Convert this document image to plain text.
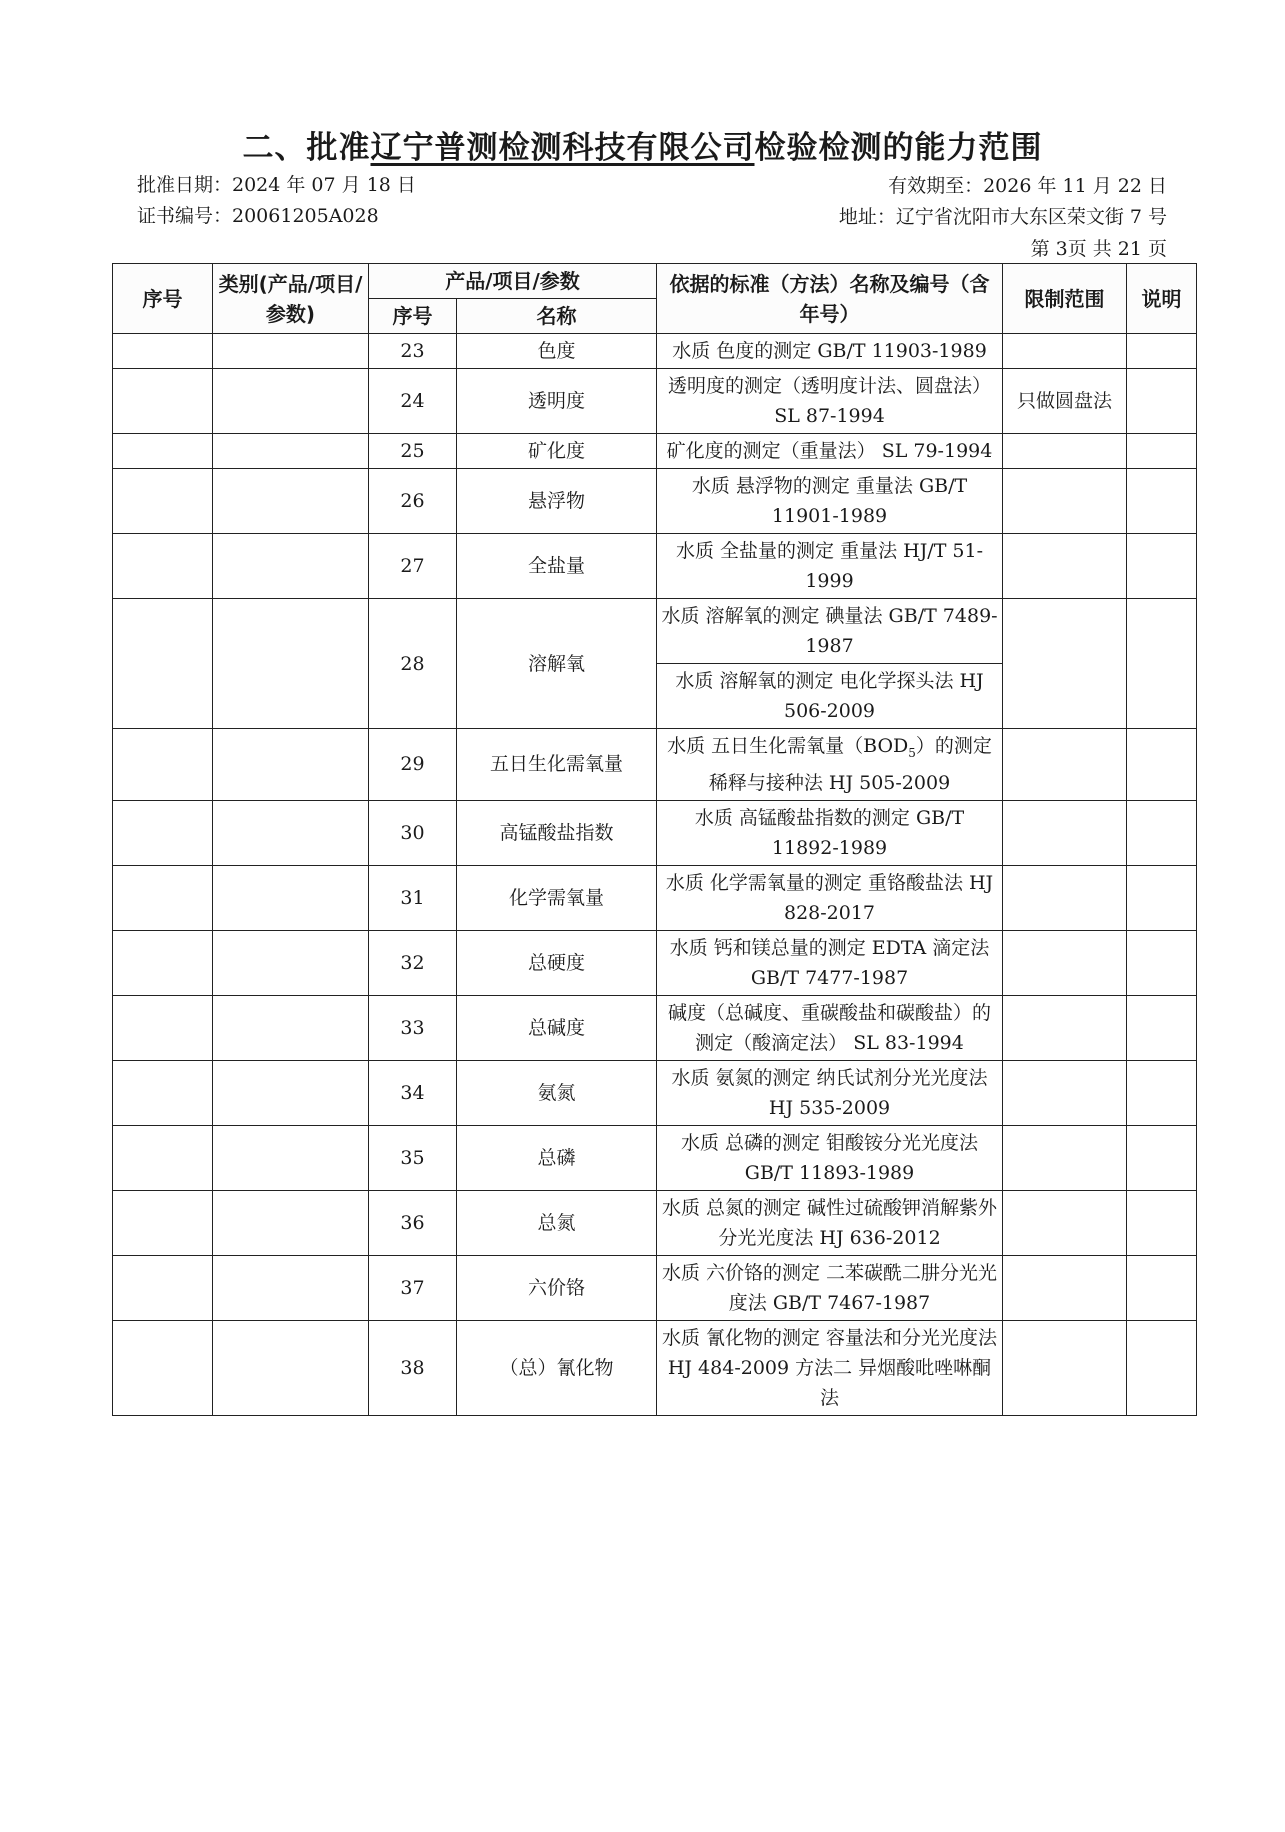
二、批准辽宁普测检测科技有限公司检验检测的能力范围
批准日期：2024 年 07 月 18 日	有效期至：2026 年 11 月 22 日
证书编号：20061205A028	地址：辽宁省沈阳市大东区荣文街 7 号
第 3页 共 21 页
序号	类别(产品/项目/参数)	产品/项目/参数		依据的标准（方法）名称及编号（含年号）	限制范围	说明
		序号	名称			
		23	色度	水质 色度的测定 GB/T 11903-1989		
		24	透明度	透明度的测定（透明度计法、圆盘法） SL 87-1994	只做圆盘法	
		25	矿化度	矿化度的测定（重量法） SL 79-1994		
		26	悬浮物	水质 悬浮物的测定 重量法 GB/T 11901-1989		
		27	全盐量	水质 全盐量的测定 重量法 HJ/T 51-1999		
		28	溶解氧	水质 溶解氧的测定 碘量法 GB/T 7489-1987		
				水质 溶解氧的测定 电化学探头法 HJ 506-2009		
		29	五日生化需氧量	水质 五日生化需氧量$(BOD_5)$的测定 稀释与接种法 HJ 505-2009		
		30	高锰酸盐指数	水质 高锰酸盐指数的测定 GB/T 11892-1989		
		31	化学需氧量	水质 化学需氧量的测定 重铬酸盐法 HJ 828-2017		
		32	总硬度	水质 钙和镁总量的测定 EDTA 滴定法 GB/T 7477-1987		
		33	总碱度	碱度（总碱度、重碳酸盐和碳酸盐）的测定（酸滴定法） SL 83-1994		
		34	氨氮	水质 氨氮的测定 纳氏试剂分光光度法 HJ 535-2009		
		35	总磷	水质 总磷的测定 钼酸铵分光光度法 GB/T 11893-1989		
		36	总氮	水质 总氮的测定 碱性过硫酸钾消解紫外分光光度法 HJ 636-2012		
		37	六价铬	水质 六价铬的测定 二苯碳酰二肼分光光度法 GB/T 7467-1987		
		38	（总）氰化物	水质 氰化物的测定 容量法和分光光度法 HJ 484-2009 方法二 异烟酸吡唑啉酮法		
